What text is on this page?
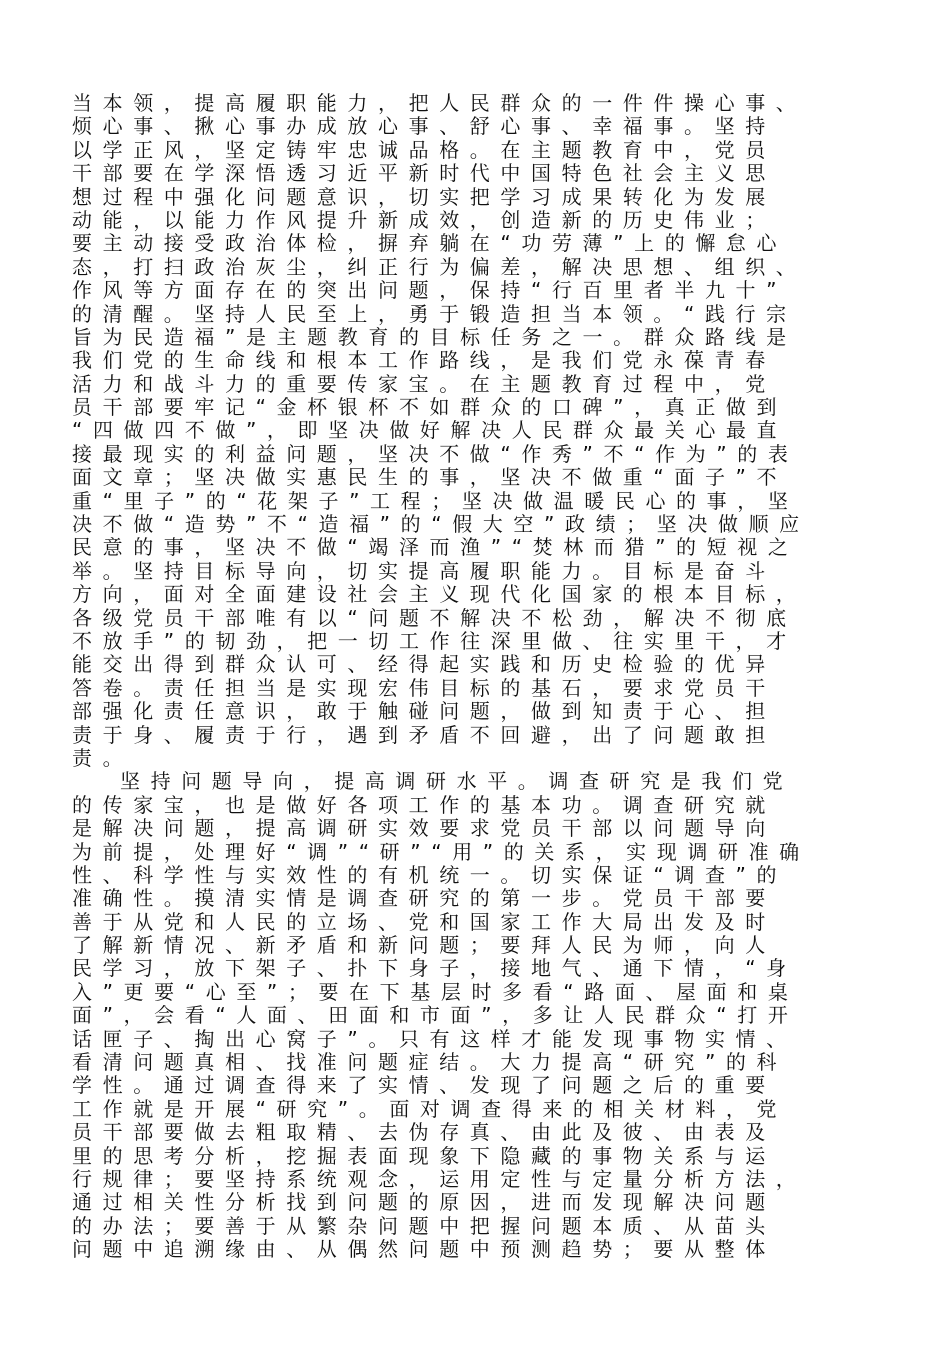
当本领，提高履职能力，把人民群众的一件件操心事、
烦心事、揪心事办成放心事、舒心事、幸福事。坚持
以学正风，坚定铸牢忠诚品格。在主题教育中，党员
干部要在学深悟透习近平新时代中国特色社会主义思
想过程中强化问题意识，切实把学习成果转化为发展
动能，以能力作风提升新成效，创造新的历史伟业；
要主动接受政治体检，摒弃躺在“功劳薄”上的懈怠心
态，打扫政治灰尘，纠正行为偏差，解决思想、组织、
作风等方面存在的突出问题，保持“行百里者半九十”
的清醒。坚持人民至上，勇于锻造担当本领。“践行宗
旨为民造福”是主题教育的目标任务之一。群众路线是
我们党的生命线和根本工作路线，是我们党永葆青春
活力和战斗力的重要传家宝。在主题教育过程中，党
员干部要牢记“金杯银杯不如群众的口碑”，真正做到
“四做四不做”，即坚决做好解决人民群众最关心最直
接最现实的利益问题，坚决不做“作秀”不“作为”的表
面文章；坚决做实惠民生的事，坚决不做重“面子”不
重“里子”的“花架子”工程；坚决做温暖民心的事，坚
决不做“造势”不“造福”的“假大空”政绩；坚决做顺应
民意的事，坚决不做“竭泽而渔”“焚林而猎”的短视之
举。坚持目标导向，切实提高履职能力。目标是奋斗
方向，面对全面建设社会主义现代化国家的根本目标，
各级党员干部唯有以“问题不解决不松劲，解决不彻底
不放手”的韧劲，把一切工作往深里做、往实里干，才
能交出得到群众认可、经得起实践和历史检验的优异
答卷。责任担当是实现宏伟目标的基石，要求党员干
部强化责任意识，敢于触碰问题，做到知责于心、担
责于身、履责于行，遇到矛盾不回避，出了问题敢担
责。
坚持问题导向，提高调研水平。调查研究是我们党
的传家宝，也是做好各项工作的基本功。调查研究就
是解决问题，提高调研实效要求党员干部以问题导向
为前提，处理好“调”“研”“用”的关系，实现调研准确
性、科学性与实效性的有机统一。切实保证“调查”的
准确性。摸清实情是调查研究的第一步。党员干部要
善于从党和人民的立场、党和国家工作大局出发及时
了解新情况、新矛盾和新问题；要拜人民为师，向人
民学习，放下架子、扑下身子，接地气、通下情，“身
入”更要“心至”；要在下基层时多看“路面、屋面和桌
面”，会看“人面、田面和市面”，多让人民群众“打开
话匣子、掏出心窝子”。只有这样才能发现事物实情、
看清问题真相、找准问题症结。大力提高“研究”的科
学性。通过调查得来了实情、发现了问题之后的重要
工作就是开展“研究”。面对调查得来的相关材料，党
员干部要做去粗取精、去伪存真、由此及彼、由表及
里的思考分析，挖掘表面现象下隐藏的事物关系与运
行规律；要坚持系统观念，运用定性与定量分析方法，
通过相关性分析找到问题的原因，进而发现解决问题
的办法；要善于从繁杂问题中把握问题本质、从苗头
问题中追溯缘由、从偶然问题中预测趋势；要从整体
